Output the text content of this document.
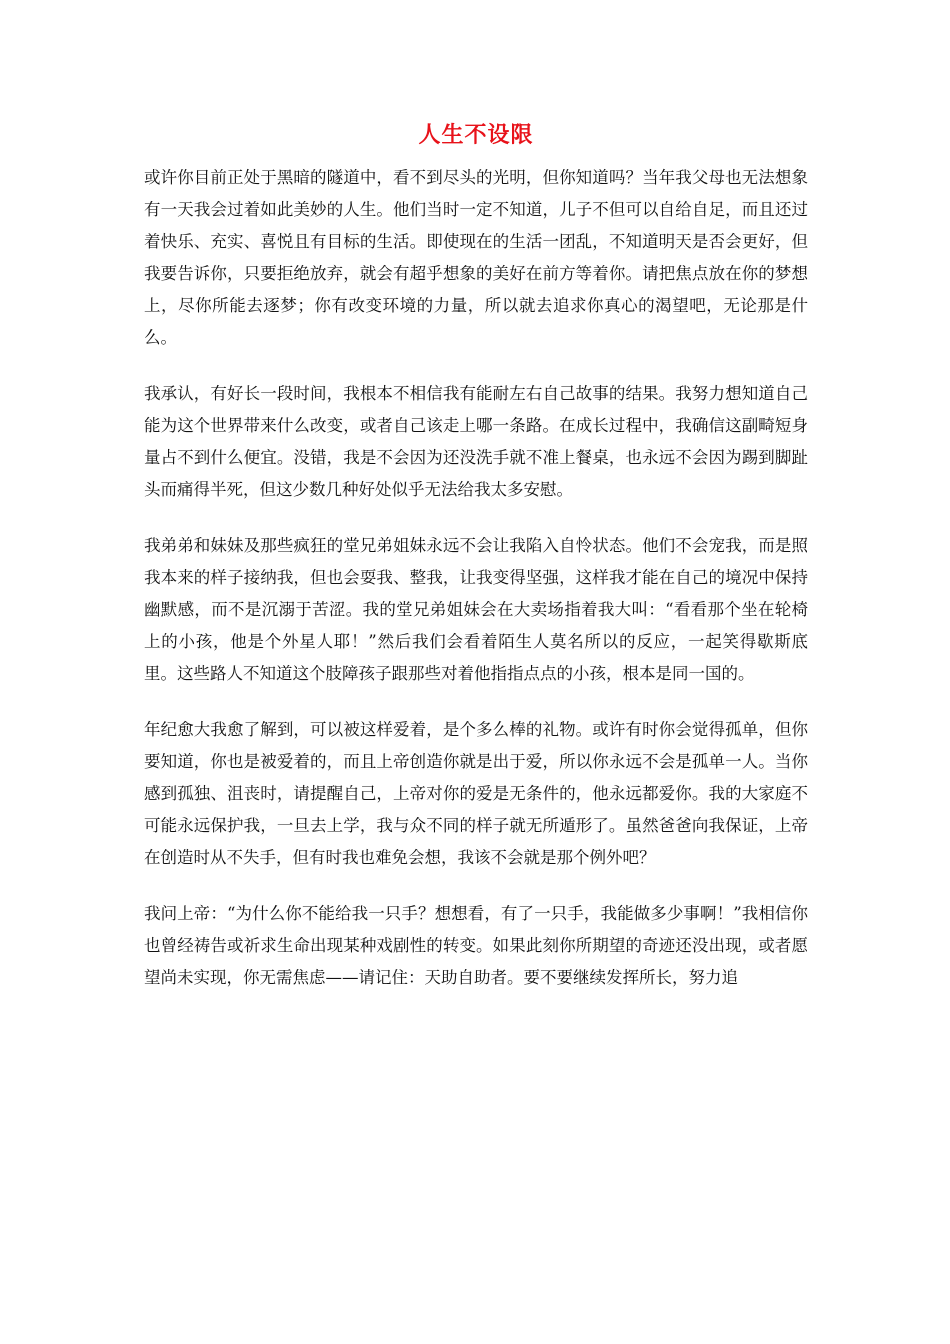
人生不设限

或许你目前正处于黑暗的隧道中，看不到尽头的光明，但你知道吗？当年我父母也无法想象有一天我会过着如此美妙的人生。他们当时一定不知道，儿子不但可以自给自足，而且还过着快乐、充实、喜悦且有目标的生活。即使现在的生活一团乱，不知道明天是否会更好，但我要告诉你，只要拒绝放弃，就会有超乎想象的美好在前方等着你。请把焦点放在你的梦想上，尽你所能去逐梦；你有改变环境的力量，所以就去追求你真心的渴望吧，无论那是什么。

我承认，有好长一段时间，我根本不相信我有能耐左右自己故事的结果。我努力想知道自己能为这个世界带来什么改变，或者自己该走上哪一条路。在成长过程中，我确信这副畸短身量占不到什么便宜。没错，我是不会因为还没洗手就不准上餐桌，也永远不会因为踢到脚趾头而痛得半死，但这少数几种好处似乎无法给我太多安慰。

我弟弟和妹妹及那些疯狂的堂兄弟姐妹永远不会让我陷入自怜状态。他们不会宠我，而是照我本来的样子接纳我，但也会耍我、整我，让我变得坚强，这样我才能在自己的境况中保持幽默感，而不是沉溺于苦涩。我的堂兄弟姐妹会在大卖场指着我大叫：“看看那个坐在轮椅上的小孩，他是个外星人耶！”然后我们会看着陌生人莫名所以的反应，一起笑得歇斯底里。这些路人不知道这个肢障孩子跟那些对着他指指点点的小孩，根本是同一国的。

年纪愈大我愈了解到，可以被这样爱着，是个多么棒的礼物。或许有时你会觉得孤单，但你要知道，你也是被爱着的，而且上帝创造你就是出于爱，所以你永远不会是孤单一人。当你感到孤独、沮丧时，请提醒自己，上帝对你的爱是无条件的，他永远都爱你。我的大家庭不可能永远保护我，一旦去上学，我与众不同的样子就无所遁形了。虽然爸爸向我保证，上帝在创造时从不失手，但有时我也难免会想，我该不会就是那个例外吧？

我问上帝：“为什么你不能给我一只手？想想看，有了一只手，我能做多少事啊！”我相信你也曾经祷告或祈求生命出现某种戏剧性的转变。如果此刻你所期望的奇迹还没出现，或者愿望尚未实现，你无需焦虑——请记住：天助自助者。要不要继续发挥所长，努力追
